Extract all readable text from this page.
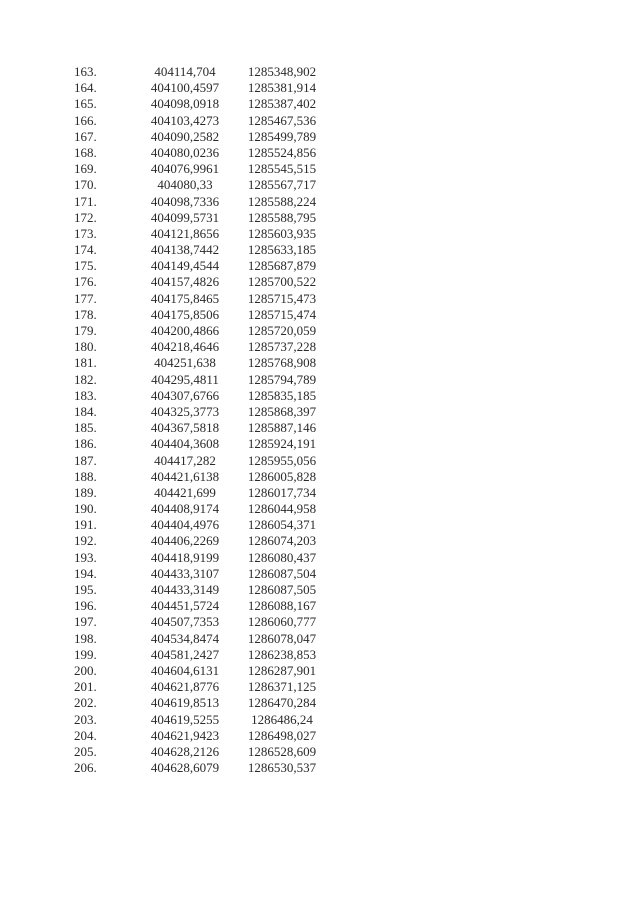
163.	404114,704	1285348,902
164.	404100,4597	1285381,914
165.	404098,0918	1285387,402
166.	404103,4273	1285467,536
167.	404090,2582	1285499,789
168.	404080,0236	1285524,856
169.	404076,9961	1285545,515
170.	404080,33	1285567,717
171.	404098,7336	1285588,224
172.	404099,5731	1285588,795
173.	404121,8656	1285603,935
174.	404138,7442	1285633,185
175.	404149,4544	1285687,879
176.	404157,4826	1285700,522
177.	404175,8465	1285715,473
178.	404175,8506	1285715,474
179.	404200,4866	1285720,059
180.	404218,4646	1285737,228
181.	404251,638	1285768,908
182.	404295,4811	1285794,789
183.	404307,6766	1285835,185
184.	404325,3773	1285868,397
185.	404367,5818	1285887,146
186.	404404,3608	1285924,191
187.	404417,282	1285955,056
188.	404421,6138	1286005,828
189.	404421,699	1286017,734
190.	404408,9174	1286044,958
191.	404404,4976	1286054,371
192.	404406,2269	1286074,203
193.	404418,9199	1286080,437
194.	404433,3107	1286087,504
195.	404433,3149	1286087,505
196.	404451,5724	1286088,167
197.	404507,7353	1286060,777
198.	404534,8474	1286078,047
199.	404581,2427	1286238,853
200.	404604,6131	1286287,901
201.	404621,8776	1286371,125
202.	404619,8513	1286470,284
203.	404619,5255	1286486,24
204.	404621,9423	1286498,027
205.	404628,2126	1286528,609
206.	404628,6079	1286530,537
